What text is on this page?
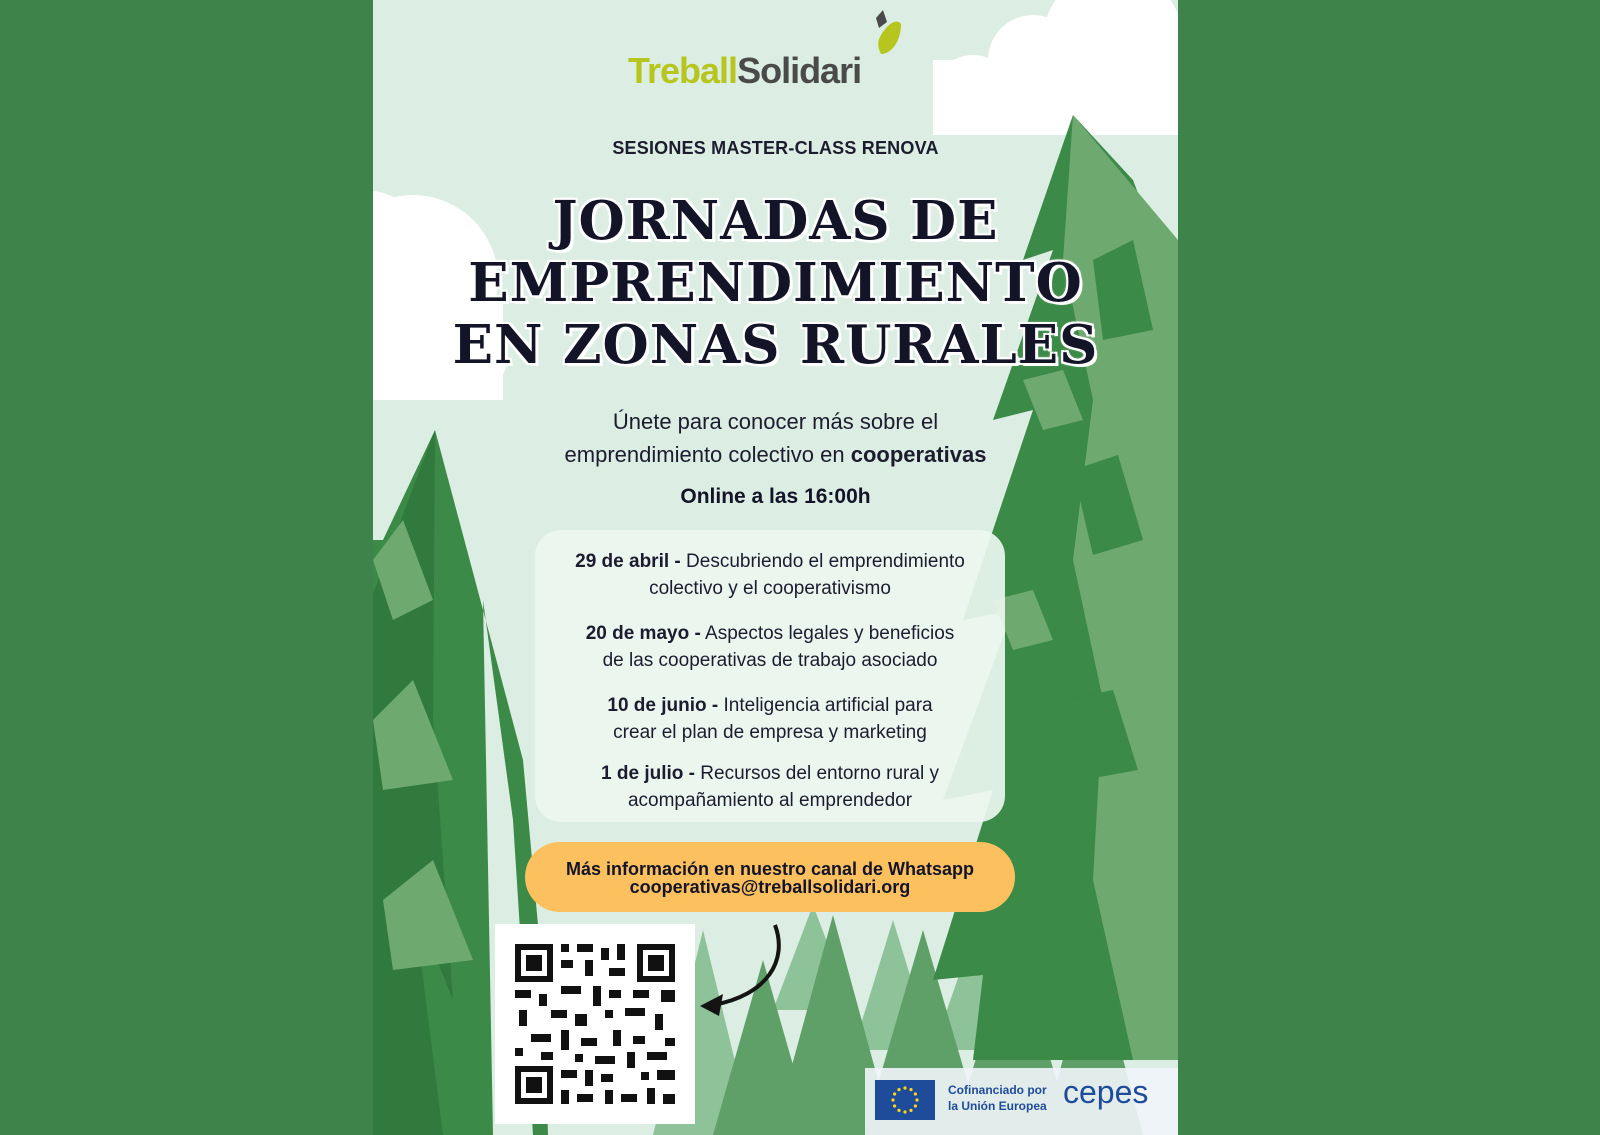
TreballSolidari
SESIONES MASTER-CLASS RENOVA
JORNADAS DE
EMPRENDIMIENTO
EN ZONAS RURALES
Únete para conocer más sobre el
emprendimiento colectivo en cooperativas
Online a las 16:00h
29 de abril - Descubriendo el emprendimiento
colectivo y el cooperativismo
20 de mayo - Aspectos legales y beneficios
de las cooperativas de trabajo asociado
10 de junio - Inteligencia artificial para
crear el plan de empresa y marketing
1 de julio - Recursos del entorno rural y
acompañamiento al emprendedor
Más información en nuestro canal de Whatsapp
cooperativas@treballsolidari.org
Cofinanciado por
la Unión Europea cepes
